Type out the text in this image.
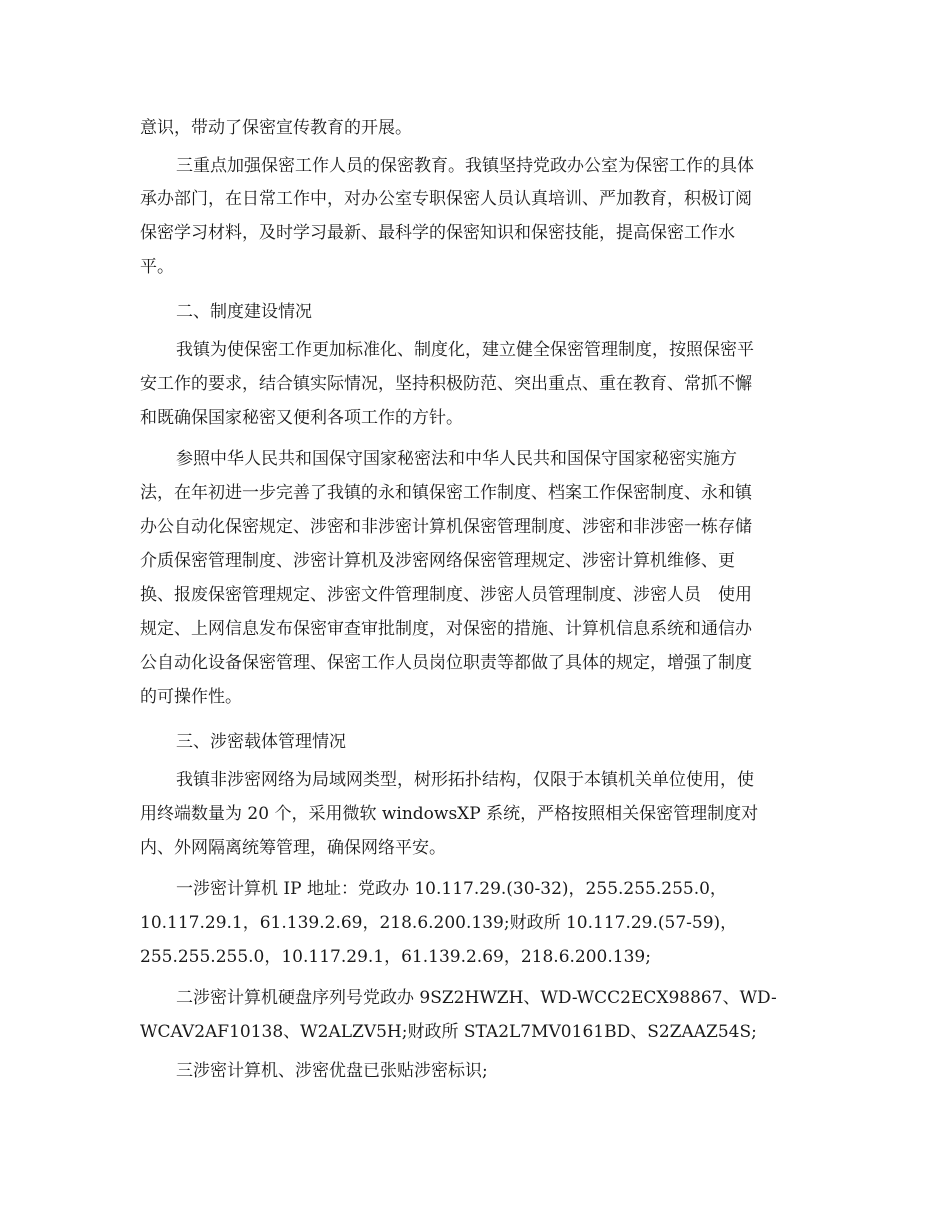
意识，带动了保密宣传教育的开展。
三重点加强保密工作人员的保密教育。我镇坚持党政办公室为保密工作的具体
承办部门，在日常工作中，对办公室专职保密人员认真培训、严加教育，积极订阅
保密学习材料，及时学习最新、最科学的保密知识和保密技能，提高保密工作水
平。
二、制度建设情况
我镇为使保密工作更加标准化、制度化，建立健全保密管理制度，按照保密平
安工作的要求，结合镇实际情况，坚持积极防范、突出重点、重在教育、常抓不懈
和既确保国家秘密又便利各项工作的方针。
参照中华人民共和国保守国家秘密法和中华人民共和国保守国家秘密实施方
法，在年初进一步完善了我镇的永和镇保密工作制度、档案工作保密制度、永和镇
办公自动化保密规定、涉密和非涉密计算机保密管理制度、涉密和非涉密一栋存储
介质保密管理制度、涉密计算机及涉密网络保密管理规定、涉密计算机维修、更
换、报废保密管理规定、涉密文件管理制度、涉密人员管理制度、涉密人员　使用
规定、上网信息发布保密审查审批制度，对保密的措施、计算机信息系统和通信办
公自动化设备保密管理、保密工作人员岗位职责等都做了具体的规定，增强了制度
的可操作性。
三、涉密载体管理情况
我镇非涉密网络为局域网类型，树形拓扑结构，仅限于本镇机关单位使用，使
用终端数量为 20 个，采用微软 windowsXP 系统，严格按照相关保密管理制度对
内、外网隔离统筹管理，确保网络平安。
一涉密计算机 IP 地址：党政办 10.117.29.(30-32)，255.255.255.0，
10.117.29.1，61.139.2.69，218.6.200.139;财政所 10.117.29.(57-59)，
255.255.255.0，10.117.29.1，61.139.2.69，218.6.200.139;
二涉密计算机硬盘序列号党政办 9SZ2HWZH、WD-WCC2ECX98867、WD-
WCAV2AF10138、W2ALZV5H;财政所 STA2L7MV0161BD、S2ZAAZ54S;
三涉密计算机、涉密优盘已张贴涉密标识;
